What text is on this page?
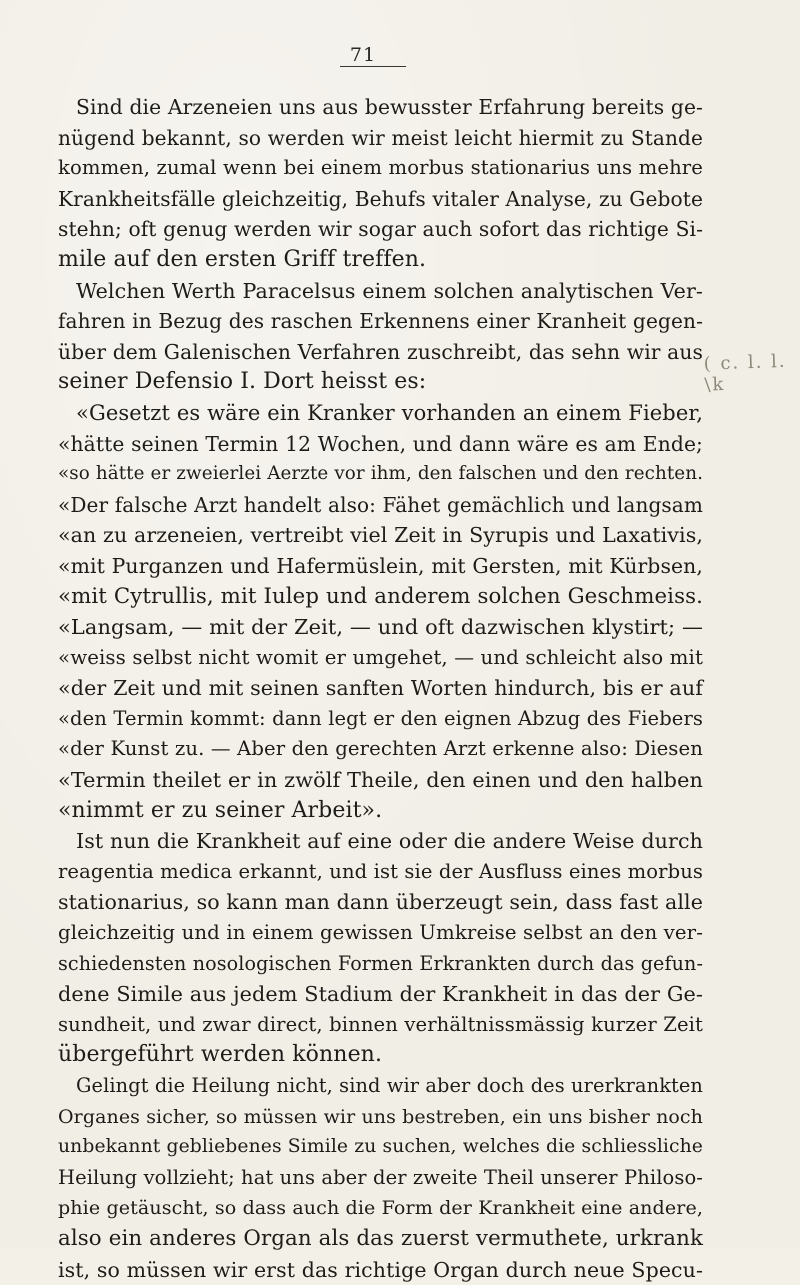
71
Sind die Arzeneien uns aus bewusster Erfahrung bereits ge-
nügend bekannt, so werden wir meist leicht hiermit zu Stande
kommen, zumal wenn bei einem morbus stationarius uns mehre
Krankheitsfälle gleichzeitig, Behufs vitaler Analyse, zu Gebote
stehn; oft genug werden wir sogar auch sofort das richtige Si-
mile auf den ersten Griff treffen.
Welchen Werth Paracelsus einem solchen analytischen Ver-
fahren in Bezug des raschen Erkennens einer Kranheit gegen-
über dem Galenischen Verfahren zuschreibt, das sehn wir aus
seiner Defensio I. Dort heisst es:
«Gesetzt es wäre ein Kranker vorhanden an einem Fieber,
«hätte seinen Termin 12 Wochen, und dann wäre es am Ende;
«so hätte er zweierlei Aerzte vor ihm, den falschen und den rechten.
«Der falsche Arzt handelt also: Fähet gemächlich und langsam
«an zu arzeneien, vertreibt viel Zeit in Syrupis und Laxativis,
«mit Purganzen und Hafermüslein, mit Gersten, mit Kürbsen,
«mit Cytrullis, mit Iulep und anderem solchen Geschmeiss.
«Langsam, — mit der Zeit, — und oft dazwischen klystirt; —
«weiss selbst nicht womit er umgehet, — und schleicht also mit
«der Zeit und mit seinen sanften Worten hindurch, bis er auf
«den Termin kommt: dann legt er den eignen Abzug des Fiebers
«der Kunst zu. — Aber den gerechten Arzt erkenne also: Diesen
«Termin theilet er in zwölf Theile, den einen und den halben
«nimmt er zu seiner Arbeit».
Ist nun die Krankheit auf eine oder die andere Weise durch
reagentia medica erkannt, und ist sie der Ausfluss eines morbus
stationarius, so kann man dann überzeugt sein, dass fast alle
gleichzeitig und in einem gewissen Umkreise selbst an den ver-
schiedensten nosologischen Formen Erkrankten durch das gefun-
dene Simile aus jedem Stadium der Krankheit in das der Ge-
sundheit, und zwar direct, binnen verhältnissmässig kurzer Zeit
übergeführt werden können.
Gelingt die Heilung nicht, sind wir aber doch des urerkrankten
Organes sicher, so müssen wir uns bestreben, ein uns bisher noch
unbekannt gebliebenes Simile zu suchen, welches die schliessliche
Heilung vollzieht; hat uns aber der zweite Theil unserer Philoso-
phie getäuscht, so dass auch die Form der Krankheit eine andere,
also ein anderes Organ als das zuerst vermuthete, urkrank
ist, so müssen wir erst das richtige Organ durch neue Specu-
( c. l. l. \k
